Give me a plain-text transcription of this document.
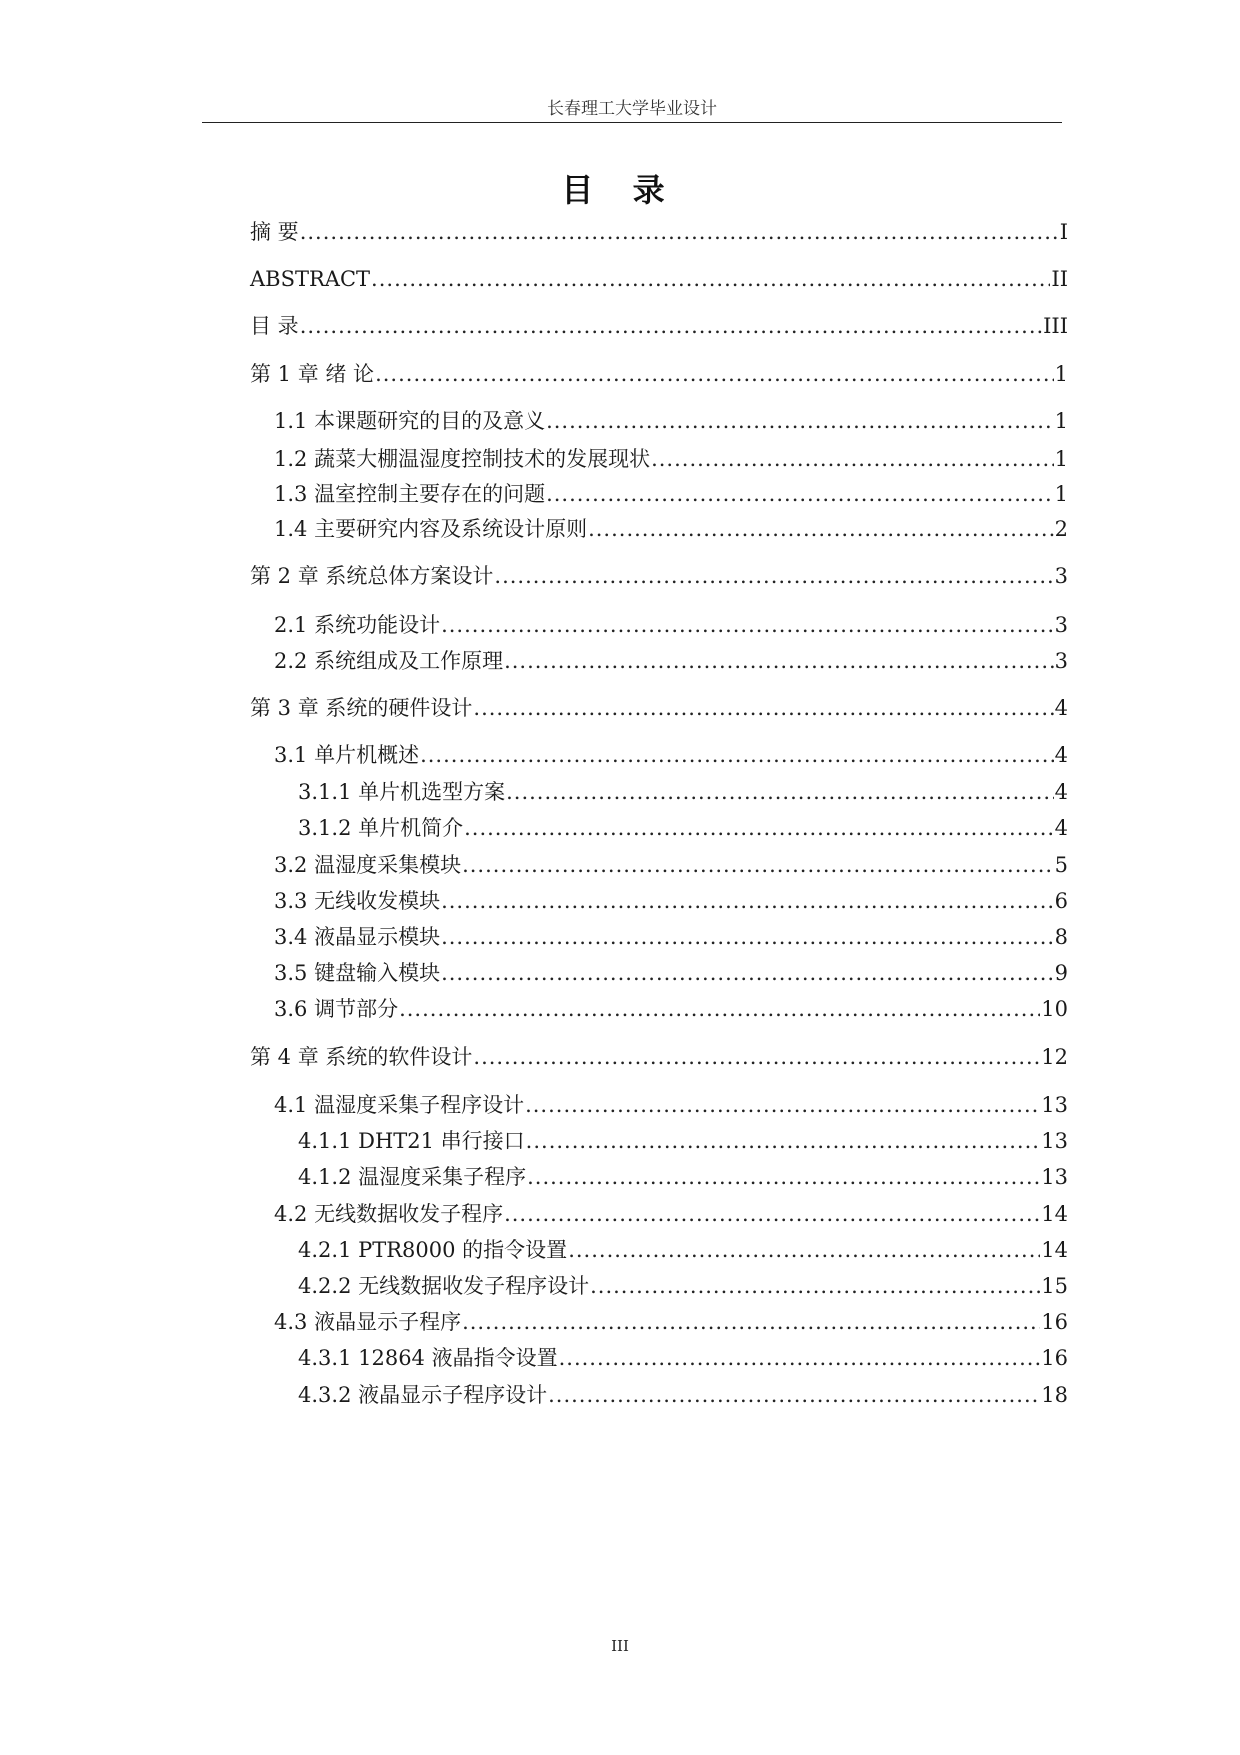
长春理工大学毕业设计
目 录
摘 要 .....	I
ABSTRACT .....	II
目 录 .....	III
第 1 章 绪 论 .....	1
1.1 本课题研究的目的及意义 .....	1
1.2 蔬菜大棚温湿度控制技术的发展现状 .....	1
1.3 温室控制主要存在的问题 .....	1
1.4 主要研究内容及系统设计原则 .....	2
第 2 章 系统总体方案设计 .....	3
2.1 系统功能设计 .....	3
2.2 系统组成及工作原理 .....	3
第 3 章 系统的硬件设计 .....	4
3.1 单片机概述 .....	4
3.1.1 单片机选型方案 .....	4
3.1.2 单片机简介 .....	4
3.2 温湿度采集模块 .....	5
3.3 无线收发模块 .....	6
3.4 液晶显示模块 .....	8
3.5 键盘输入模块 .....	9
3.6 调节部分 .....	10
第 4 章 系统的软件设计 .....	12
4.1 温湿度采集子程序设计 .....	13
4.1.1 DHT21 串行接口 .....	13
4.1.2 温湿度采集子程序 .....	13
4.2 无线数据收发子程序 .....	14
4.2.1 PTR8000 的指令设置 .....	14
4.2.2 无线数据收发子程序设计 .....	15
4.3 液晶显示子程序 .....	16
4.3.1 12864 液晶指令设置 .....	16
4.3.2 液晶显示子程序设计 .....	18
III
